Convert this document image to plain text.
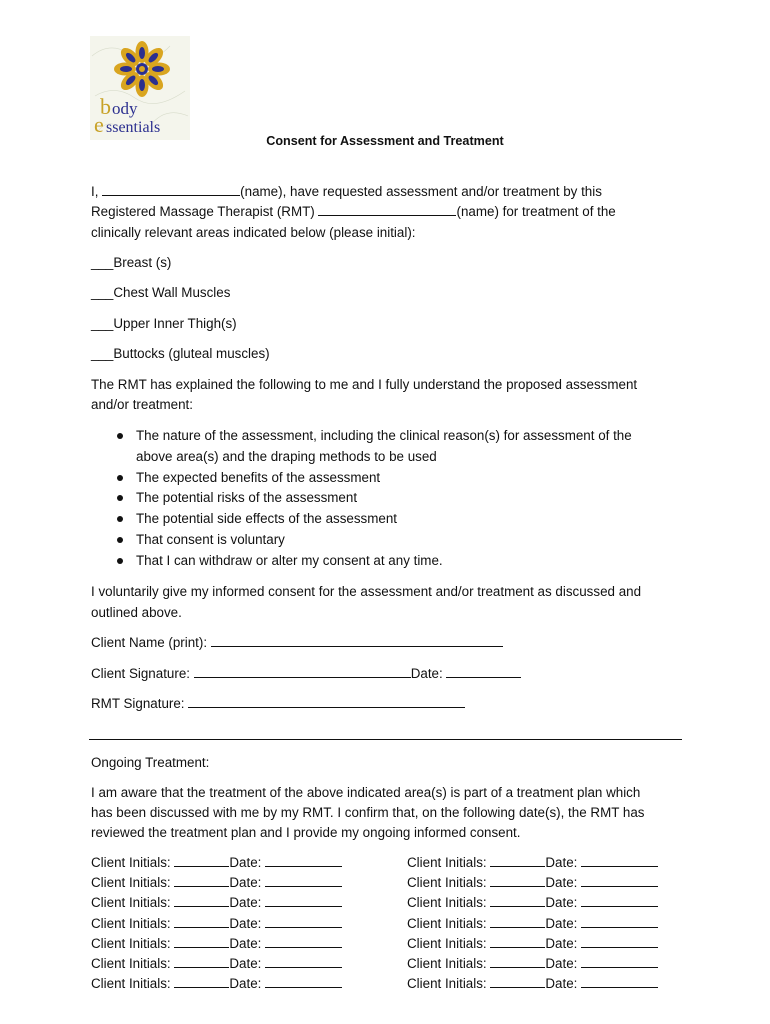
b ody
e ssentials
Consent for Assessment and Treatment
I,	(name), have requested assessment and/or treatment by this
Registered Massage Therapist (RMT)	(name) for treatment of the
clinically relevant areas indicated below (please initial):
___Breast (s)
___Chest Wall Muscles
___Upper Inner Thigh(s)
___Buttocks (gluteal muscles)
The RMT has explained the following to me and I fully understand the proposed assessment
and/or treatment:
The nature of the assessment, including the clinical reason(s) for assessment of the
above area(s) and the draping methods to be used
The expected benefits of the assessment
The potential risks of the assessment
The potential side effects of the assessment
That consent is voluntary
That I can withdraw or alter my consent at any time.
I voluntarily give my informed consent for the assessment and/or treatment as discussed and
outlined above.
Client Name (print):
Client Signature:	Date:
RMT Signature:
Ongoing Treatment:
I am aware that the treatment of the above indicated area(s) is part of a treatment plan which
has been discussed with me by my RMT. I confirm that, on the following date(s), the RMT has
reviewed the treatment plan and I provide my ongoing informed consent.
Client Initials:	Date:
Client Initials:	Date:
Client Initials:	Date:
Client Initials:	Date:
Client Initials:	Date:
Client Initials:	Date:
Client Initials:	Date:
Client Initials:	Date:
Client Initials:	Date:
Client Initials:	Date:
Client Initials:	Date:
Client Initials:	Date:
Client Initials:	Date:
Client Initials:	Date:
